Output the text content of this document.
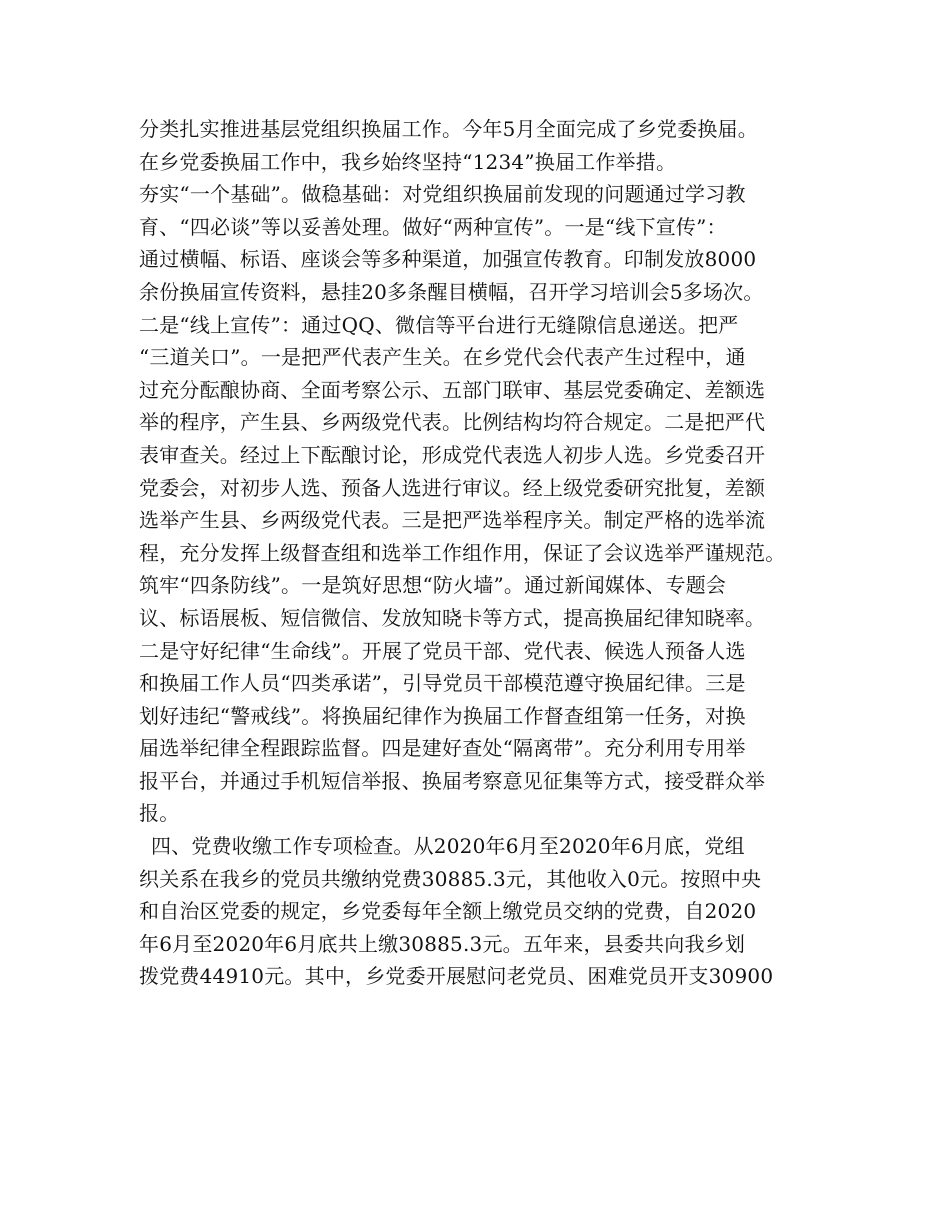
分类扎实推进基层党组织换届工作。今年5月全面完成了乡党委换届。
在乡党委换届工作中，我乡始终坚持“1234”换届工作举措。
夯实“一个基础”。做稳基础：对党组织换届前发现的问题通过学习教
育、“四必谈”等以妥善处理。做好“两种宣传”。一是“线下宣传”：
通过横幅、标语、座谈会等多种渠道，加强宣传教育。印制发放8000
余份换届宣传资料，悬挂20多条醒目横幅，召开学习培训会5多场次。
二是“线上宣传”：通过QQ、微信等平台进行无缝隙信息递送。把严
“三道关口”。一是把严代表产生关。在乡党代会代表产生过程中，通
过充分酝酿协商、全面考察公示、五部门联审、基层党委确定、差额选
举的程序，产生县、乡两级党代表。比例结构均符合规定。二是把严代
表审查关。经过上下酝酿讨论，形成党代表选人初步人选。乡党委召开
党委会，对初步人选、预备人选进行审议。经上级党委研究批复，差额
选举产生县、乡两级党代表。三是把严选举程序关。制定严格的选举流
程，充分发挥上级督查组和选举工作组作用，保证了会议选举严谨规范。
筑牢“四条防线”。一是筑好思想“防火墙”。通过新闻媒体、专题会
议、标语展板、短信微信、发放知晓卡等方式，提高换届纪律知晓率。
二是守好纪律“生命线”。开展了党员干部、党代表、候选人预备人选
和换届工作人员“四类承诺”，引导党员干部模范遵守换届纪律。三是
划好违纪“警戒线”。将换届纪律作为换届工作督查组第一任务，对换
届选举纪律全程跟踪监督。四是建好查处“隔离带”。充分利用专用举
报平台，并通过手机短信举报、换届考察意见征集等方式，接受群众举
报。
四、党费收缴工作专项检查。从2020年6月至2020年6月底，党组
织关系在我乡的党员共缴纳党费30885.3元，其他收入0元。按照中央
和自治区党委的规定，乡党委每年全额上缴党员交纳的党费，自2020
年6月至2020年6月底共上缴30885.3元。五年来，县委共向我乡划
拨党费44910元。其中，乡党委开展慰问老党员、困难党员开支30900
